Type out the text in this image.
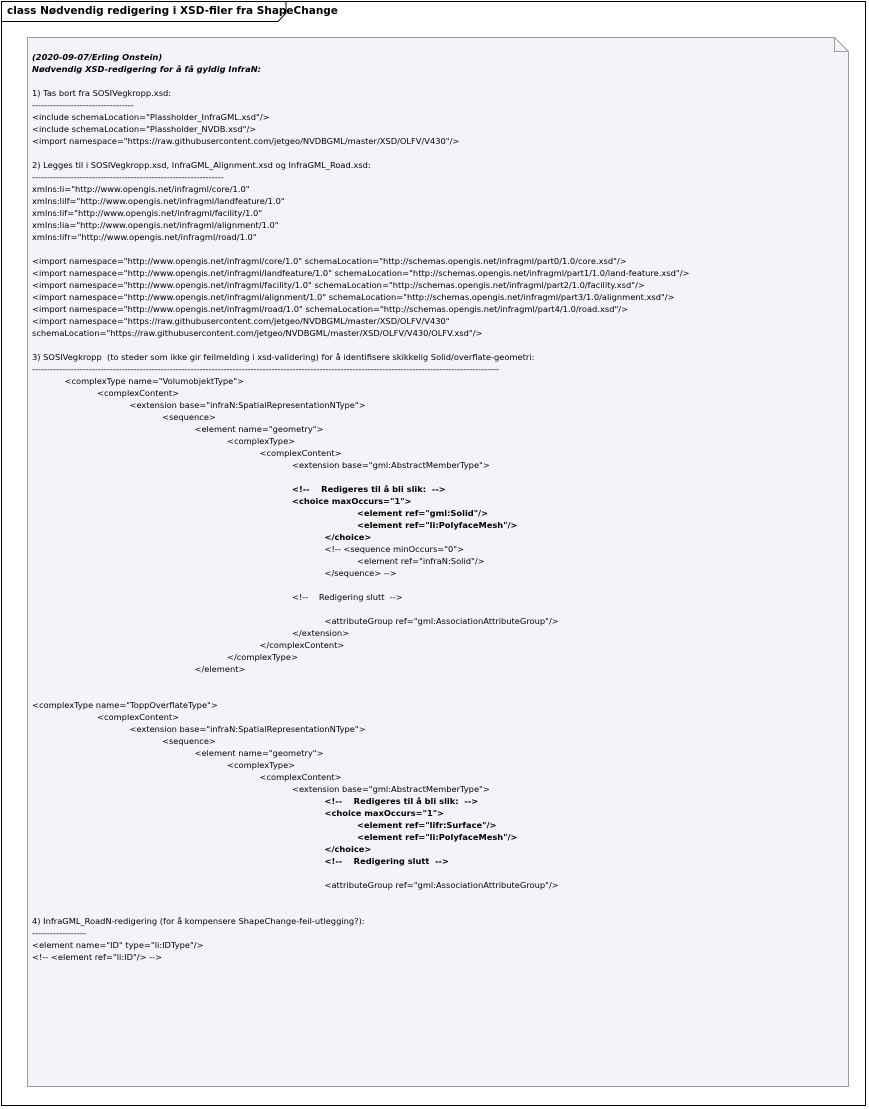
class Nødvendig redigering i XSD-filer fra ShapeChange
(2020-09-07/Erling Onstein)
Nødvendig XSD-redigering for å få gyldig InfraN:
1) Tas bort fra SOSIVegkropp.xsd:
----------------------------------
<include schemaLocation="Plassholder_InfraGML.xsd"/>
<include schemaLocation="Plassholder_NVDB.xsd"/>
<import namespace="https://raw.githubusercontent.com/jetgeo/NVDBGML/master/XSD/OLFV/V430"/>
2) Legges til i SOSIVegkropp.xsd, InfraGML_Alignment.xsd og InfraGML_Road.xsd:
----------------------------------------------------------------
xmlns:li="http://www.opengis.net/infragml/core/1.0"
xmlns:lilf="http://www.opengis.net/infragml/landfeature/1.0"
xmlns:lif="http://www.opengis.net/infragml/facility/1.0"
xmlns:lia="http://www.opengis.net/infragml/alignment/1.0"
xmlns:lifr="http://www.opengis.net/infragml/road/1.0"
<import namespace="http://www.opengis.net/infragml/core/1.0" schemaLocation="http://schemas.opengis.net/infragml/part0/1.0/core.xsd"/>
<import namespace="http://www.opengis.net/infragml/landfeature/1.0" schemaLocation="http://schemas.opengis.net/infragml/part1/1.0/land-feature.xsd"/>
<import namespace="http://www.opengis.net/infragml/facility/1.0" schemaLocation="http://schemas.opengis.net/infragml/part2/1.0/facility.xsd"/>
<import namespace="http://www.opengis.net/infragml/alignment/1.0" schemaLocation="http://schemas.opengis.net/infragml/part3/1.0/alignment.xsd"/>
<import namespace="http://www.opengis.net/infragml/road/1.0" schemaLocation="http://schemas.opengis.net/infragml/part4/1.0/road.xsd"/>
<import namespace="https://raw.githubusercontent.com/jetgeo/NVDBGML/master/XSD/OLFV/V430"
schemaLocation="https://raw.githubusercontent.com/jetgeo/NVDBGML/master/XSD/OLFV/V430/OLFV.xsd"/>
3) SOSIVegkropp  (to steder som ikke gir feilmelding i xsd-validering) for å identifisere skikkelig Solid/overflate-geometri:
------------------------------------------------------------------------------------------------------------------------------------------------------------
<complexType name="VolumobjektType">
<complexContent>
<extension base="infraN:SpatialRepresentationNType">
<sequence>
<element name="geometry">
<complexType>
<complexContent>
<extension base="gml:AbstractMemberType">
<!--    Redigeres til å bli slik:  -->
<choice maxOccurs="1">
<element ref="gml:Solid"/>
<element ref="li:PolyfaceMesh"/>
</choice>
<!-- <sequence minOccurs="0">
<element ref="infraN:Solid"/>
</sequence> -->
<!--    Redigering slutt  -->
<attributeGroup ref="gml:AssociationAttributeGroup"/>
</extension>
</complexContent>
</complexType>
</element>
<complexType name="ToppOverflateType">
<complexContent>
<extension base="infraN:SpatialRepresentationNType">
<sequence>
<element name="geometry">
<complexType>
<complexContent>
<extension base="gml:AbstractMemberType">
<!--    Redigeres til å bli slik:  -->
<choice maxOccurs="1">
<element ref="lifr:Surface"/>
<element ref="li:PolyfaceMesh"/>
</choice>
<!--    Redigering slutt  -->
<attributeGroup ref="gml:AssociationAttributeGroup"/>
4) InfraGML_RoadN-redigering (for å kompensere ShapeChange-feil-utlegging?):
------------------
<element name="ID" type="li:IDType"/>
<!-- <element ref="li:ID"/> -->
